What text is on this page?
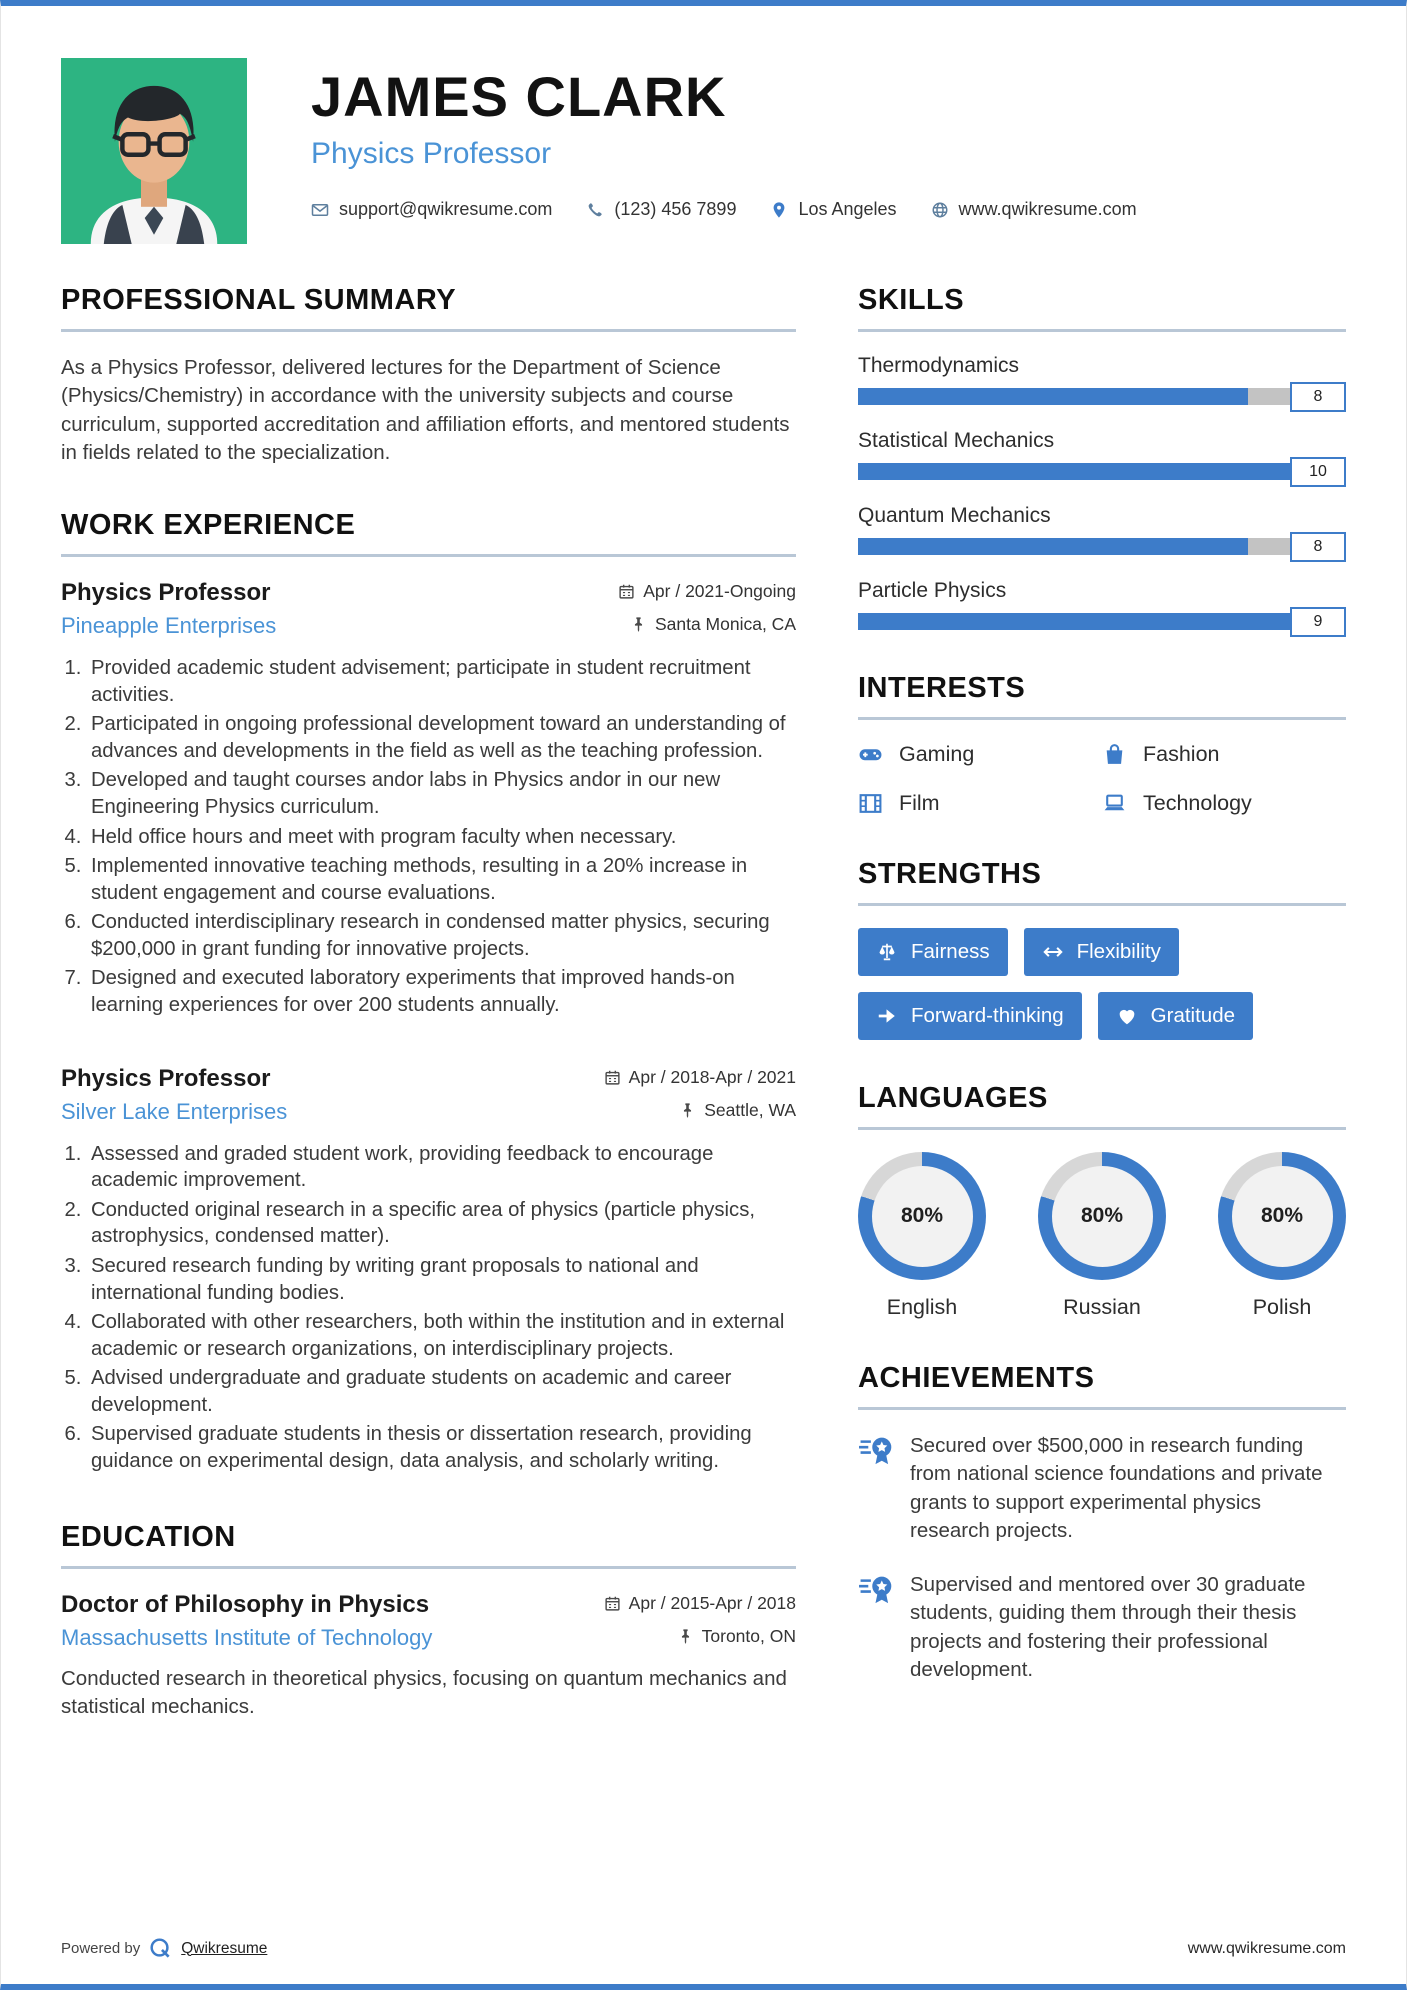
JAMES CLARK
Physics Professor
support@qwikresume.com	(123) 456 7899	Los Angeles	www.qwikresume.com
PROFESSIONAL SUMMARY

As a Physics Professor, delivered lectures for the Department of Science (Physics/Chemistry) in accordance with the university subjects and course curriculum, supported accreditation and affiliation efforts, and mentored students in fields related to the specialization.

WORK EXPERIENCE
Physics Professor	Apr / 2021-Ongoing
Pineapple Enterprises	Santa Monica, CA
1. Provided academic student advisement; participate in student recruitment activities.
2. Participated in ongoing professional development toward an understanding of advances and developments in the field as well as the teaching profession.
3. Developed and taught courses andor labs in Physics andor in our new Engineering Physics curriculum.
4. Held office hours and meet with program faculty when necessary.
5. Implemented innovative teaching methods, resulting in a 20% increase in student engagement and course evaluations.
6. Conducted interdisciplinary research in condensed matter physics, securing $200,000 in grant funding for innovative projects.
7. Designed and executed laboratory experiments that improved hands-on learning experiences for over 200 students annually.
Physics Professor	Apr / 2018-Apr / 2021
Silver Lake Enterprises	Seattle, WA
1. Assessed and graded student work, providing feedback to encourage academic improvement.
2. Conducted original research in a specific area of physics (particle physics, astrophysics, condensed matter).
3. Secured research funding by writing grant proposals to national and international funding bodies.
4. Collaborated with other researchers, both within the institution and in external academic or research organizations, on interdisciplinary projects.
5. Advised undergraduate and graduate students on academic and career development.
6. Supervised graduate students in thesis or dissertation research, providing guidance on experimental design, data analysis, and scholarly writing.
EDUCATION
Doctor of Philosophy in Physics	Apr / 2015-Apr / 2018
Massachusetts Institute of Technology	Toronto, ON

Conducted research in theoretical physics, focusing on quantum mechanics and statistical mechanics.

SKILLS
Thermodynamics
8
Statistical Mechanics
10
Quantum Mechanics
8
Particle Physics
9
INTERESTS
Gaming	Fashion
Film	Technology
STRENGTHS
Fairness	Flexibility
Forward-thinking	Gratitude
LANGUAGES
80%
English
80%
Russian
80%
Polish
ACHIEVEMENTS

Secured over $500,000 in research funding from national science foundations and private grants to support experimental physics research projects.

Supervised and mentored over 30 graduate students, guiding them through their thesis projects and fostering their professional development.

Powered by	Qwikresume	www.qwikresume.com
